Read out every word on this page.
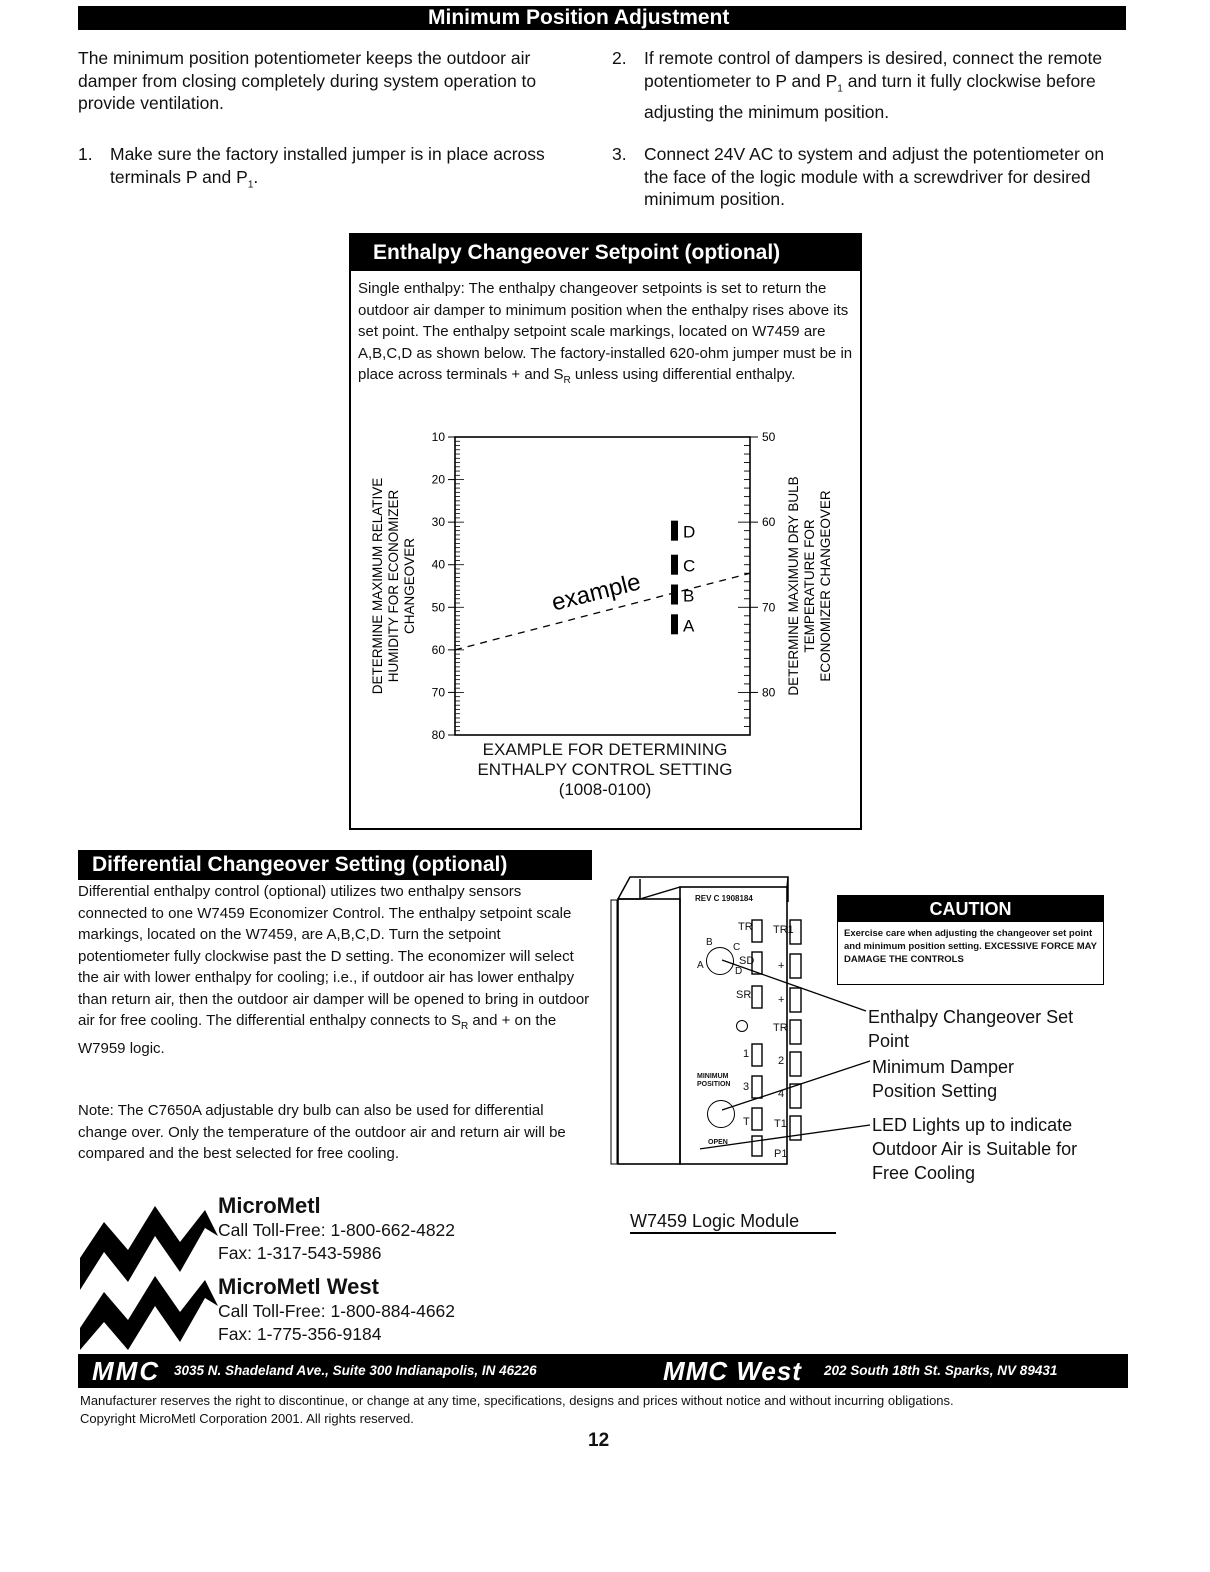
Minimum Position Adjustment
The minimum position potentiometer keeps the outdoor air damper from closing completely during system operation to provide ventilation.
1. Make sure the factory installed jumper is in place across terminals P and $P_1$.
2. If remote control of dampers is desired, connect the remote potentiometer to P and $P_1$ and turn it fully clockwise before adjusting the minimum position.
3. Connect 24V AC to system and adjust the potentiometer on the face of the logic module with a screwdriver for desired minimum position.
Enthalpy Changeover Setpoint (optional)
Single enthalpy: The enthalpy changeover setpoints is set to return the outdoor air damper to minimum position when the enthalpy rises above its set point. The enthalpy setpoint scale markings, located on W7459 are A,B,C,D as shown below. The factory-installed 620-ohm jumper must be in place across terminals + and $S_R$ unless using differential enthalpy.
10
20
30
40
50
60
70
80
50
60
70
80
DETERMINE MAXIMUM RELATIVE HUMIDITY FOR ECONOMIZER CHANGEOVER	DETERMINE MAXIMUM DRY BULB TEMPERATURE FOR ECONOMIZER CHANGEOVER
example
D
C
B
A
EXAMPLE FOR DETERMINING
ENTHALPY CONTROL SETTING
(1008-0100)
Differential Changeover Setting (optional)
Differential enthalpy control (optional) utilizes two enthalpy sensors connected to one W7459 Economizer Control. The enthalpy setpoint scale markings, located on the W7459, are A,B,C,D. Turn the setpoint potentiometer fully clockwise past the D setting. The economizer will select the air with lower enthalpy for cooling; i.e., if outdoor air has lower enthalpy than return air, then the outdoor air damper will be opened to bring in outdoor air for free cooling. The differential enthalpy connects to $S_R$ and + on the W7959 logic.
Note: The C7650A adjustable dry bulb can also be used for differential change over. Only the temperature of the outdoor air and return air will be compared and the best selected for free cooling.
REV C 1908184
B C
A
D
MINIMUM POSITION
OPEN
TR
SD
SR
1
3
T
TR1
+
+
TR
2
4
T1
P1
CAUTION
Exercise care when adjusting the changeover set point and minimum position setting. EXCESSIVE FORCE MAY DAMAGE THE CONTROLS
Enthalpy Changeover Set Point
Minimum Damper Position Setting
LED Lights up to indicate Outdoor Air is Suitable for Free Cooling
W7459 Logic Module
MicroMetl
Call Toll-Free: 1-800-662-4822
Fax: 1-317-543-5986
MicroMetl West
Call Toll-Free: 1-800-884-4662
Fax: 1-775-356-9184
MMC 3035 N. Shadeland Ave., Suite 300 Indianapolis, IN 46226	MMC West 202 South 18th St. Sparks, NV 89431
Manufacturer reserves the right to discontinue, or change at any time, specifications, designs and prices without notice and without incurring obligations.
Copyright MicroMetl Corporation 2001. All rights reserved.
12
